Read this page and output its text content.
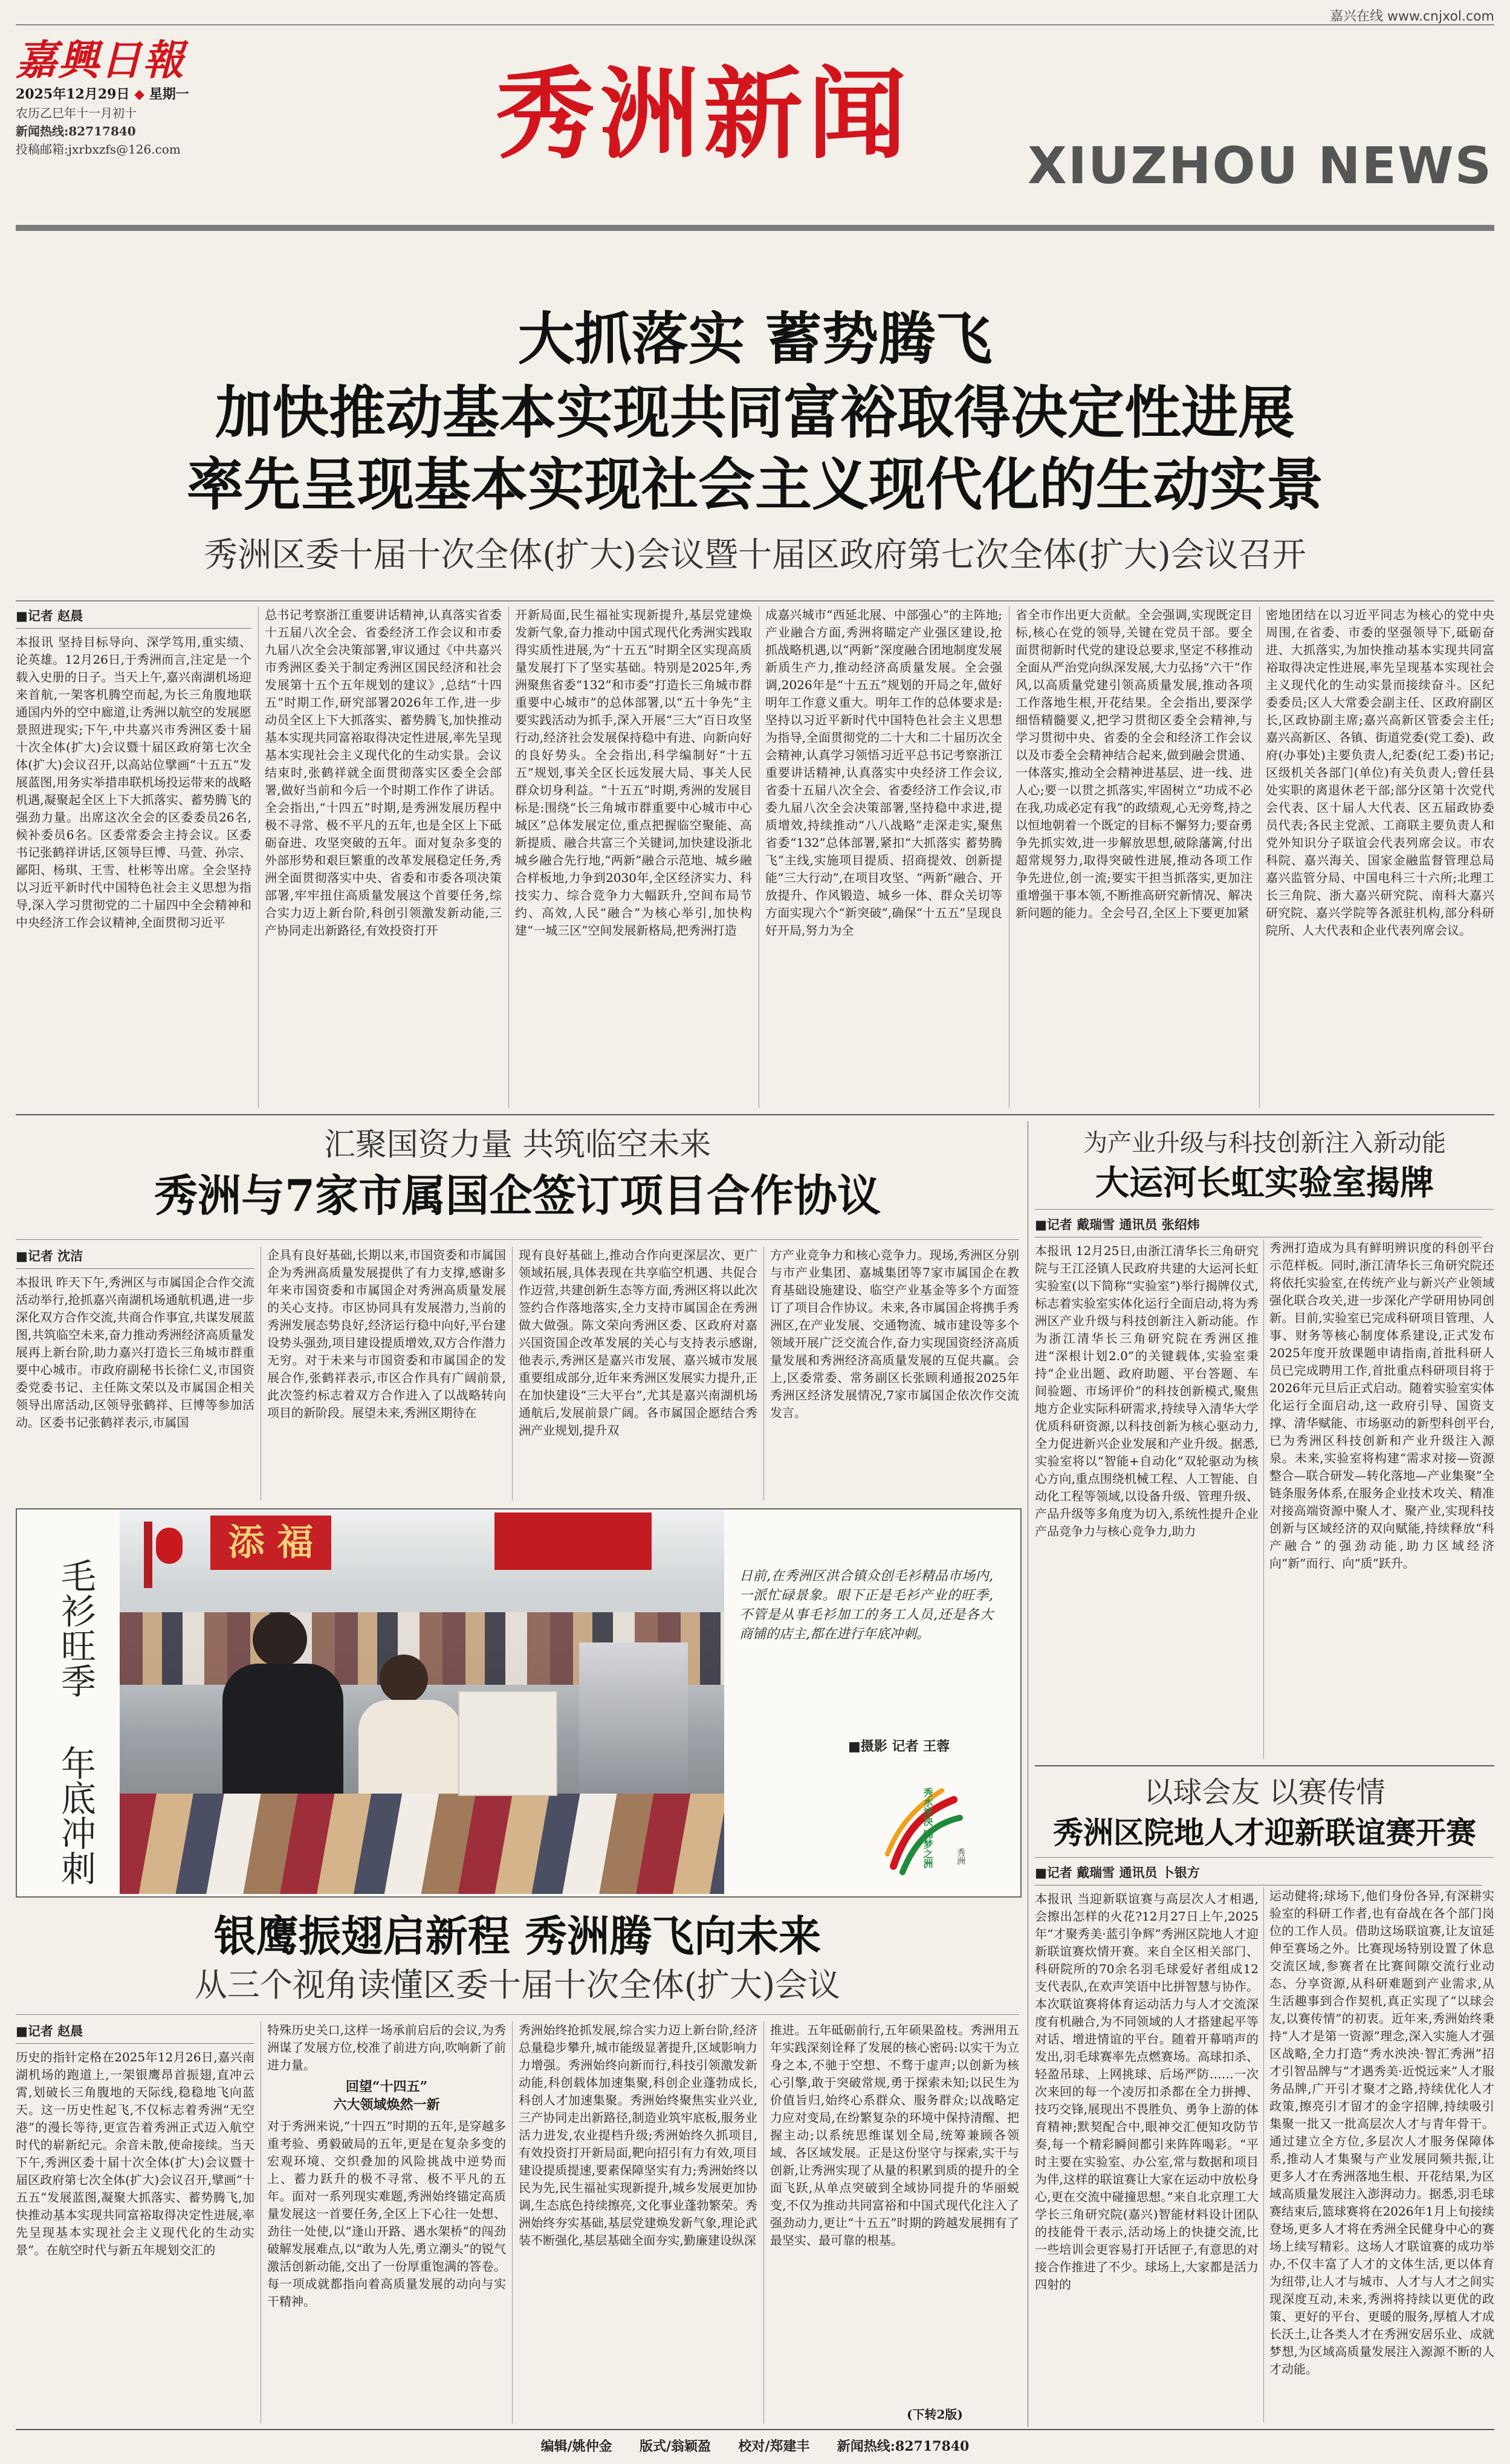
嘉兴在线 www.cnjxol.com
嘉興日報
2025年12月29日 ◆ 星期一
农历乙巳年十一月初十
新闻热线:82717840
投稿邮箱:jxrbxzfs@126.com	秀洲新闻 XIUZHOU NEWS
大抓落实 蓄势腾飞
加快推动基本实现共同富裕取得决定性进展
率先呈现基本实现社会主义现代化的生动实景
秀洲区委十届十次全体(扩大)会议暨十届区政府第七次全体(扩大)会议召开
■记者 赵晨
本报讯 坚持目标导向、深学笃用,重实绩、论英雄。12月26日,于秀洲而言,注定是一个载入史册的日子。当天上午,嘉兴南湖机场迎来首航,一架客机腾空而起,为长三角腹地联通国内外的空中廊道,让秀洲以航空的发展愿景照进现实;下午,中共嘉兴市秀洲区委十届十次全体(扩大)会议暨十届区政府第七次全体(扩大)会议召开,以高站位擘画“十五五”发展蓝图,用务实举措串联机场投运带来的战略机遇,凝聚起全区上下大抓落实、蓄势腾飞的强劲力量。出席这次全会的区委委员26名,候补委员6名。区委常委会主持会议。区委书记张鹤祥讲话,区领导巨博、马萱、孙宗、鄙阳、杨琪、王雪、杜彬等出席。全会坚持以习近平新时代中国特色社会主义思想为指导,深入学习贯彻党的二十届四中全会精神和中央经济工作会议精神,全面贯彻习近平
总书记考察浙江重要讲话精神,认真落实省委十五届八次全会、省委经济工作会议和市委九届八次全会决策部署,审议通过《中共嘉兴市秀洲区委关于制定秀洲区国民经济和社会发展第十五个五年规划的建议》,总结“十四五”时期工作,研究部署2026年工作,进一步动员全区上下大抓落实、蓄势腾飞,加快推动基本实现共同富裕取得决定性进展,率先呈现基本实现社会主义现代化的生动实景。会议结束时,张鹤祥就全面贯彻落实区委全会部署,做好当前和今后一个时期工作作了讲话。全会指出,“十四五”时期,是秀洲发展历程中极不寻常、极不平凡的五年,也是全区上下砥砺奋进、攻坚突破的五年。面对复杂多变的外部形势和艰巨繁重的改革发展稳定任务,秀洲全面贯彻落实中央、省委和市委各项决策部署,牢牢扭住高质量发展这个首要任务,综合实力迈上新台阶,科创引领激发新动能,三产协同走出新路径,有效投资打开
开新局面,民生福祉实现新提升,基层党建焕发新气象,奋力推动中国式现代化秀洲实践取得实质性进展,为“十五五”时期全区实现高质量发展打下了坚实基础。特别是2025年,秀洲聚焦省委“132”和市委“打造长三角城市群重要中心城市”的总体部署,以“五十争先”主要实践活动为抓手,深入开展“三大”百日攻坚行动,经济社会发展保持稳中有进、向新向好的良好势头。全会指出,科学编制好“十五五”规划,事关全区长远发展大局、事关人民群众切身利益。“十五五”时期,秀洲的发展目标是:围绕“长三角城市群重要中心城市中心城区”总体发展定位,重点把握临空聚能、高新提质、融合共富三个关键词,加快建设浙北城乡融合先行地,“两新”融合示范地、城乡融合样板地,力争到2030年,全区经济实力、科技实力、综合竞争力大幅跃升,空间布局节约、高效,人民“融合”为核心举引,加快构建“一城三区”空间发展新格局,把秀洲打造
成嘉兴城市“西延北展、中部强心”的主阵地;产业融合方面,秀洲将瞄定产业强区建设,抢抓战略机遇,以“两新”深度融合团地制度发展新质生产力,推动经济高质量发展。全会强调,2026年是“十五五”规划的开局之年,做好明年工作意义重大。明年工作的总体要求是:坚持以习近平新时代中国特色社会主义思想为指导,全面贯彻党的二十大和二十届历次全会精神,认真学习领悟习近平总书记考察浙江重要讲话精神,认真落实中央经济工作会议,省委十五届八次全会、省委经济工作会议,市委九届八次全会决策部署,坚持稳中求进,提质增效,持续推动“八八战略”走深走实,聚焦省委“132”总体部署,紧扣“大抓落实 蓄势腾飞”主线,实施项目提质、招商提效、创新提能“三大行动”,在项目攻坚、“两新”融合、开放提升、作风锻造、城乡一体、群众关切等方面实现六个“新突破”,确保“十五五”呈现良好开局,努力为全
省全市作出更大贡献。全会强调,实现既定目标,核心在党的领导,关键在党员干部。要全面贯彻新时代党的建设总要求,坚定不移推动全面从严治党向纵深发展,大力弘扬“六干”作风,以高质量党建引领高质量发展,推动各项工作落地生根,开花结果。全会指出,要深学细悟精髓要义,把学习贯彻区委全会精神,与学习贯彻中央、省委的全会和经济工作会议以及市委全会精神结合起来,做到融会贯通、一体落实,推动全会精神进基层、进一线、进人心;要一以贯之抓落实,牢固树立“功成不必在我,功成必定有我”的政绩观,心无旁骛,持之以恒地朝着一个既定的目标不懈努力;要奋勇争先抓实效,进一步解放思想,破除藩篱,付出超常规努力,取得突破性进展,推动各项工作争先进位,创一流;要实干担当抓落实,更加注重增强干事本领,不断推高研究新情况、解决新问题的能力。全会号召,全区上下要更加紧
密地团结在以习近平同志为核心的党中央周围,在省委、市委的坚强领导下,砥砺奋进、大抓落实,为加快推动基本实现共同富裕取得决定性进展,率先呈现基本实现社会主义现代化的生动实景而接续奋斗。区纪委委员;区人大常委会副主任、区政府副区长,区政协副主席;嘉兴高新区管委会主任;嘉兴高新区、各镇、街道党委(党工委)、政府(办事处)主要负责人,纪委(纪工委)书记;区级机关各部门(单位)有关负责人;曾任县处实职的离退休老干部;部分区第十次党代会代表、区十届人大代表、区五届政协委员代表;各民主党派、工商联主要负责人和党外知识分子联谊会代表列席会议。市农科院、嘉兴海关、国家金融监督管理总局嘉兴监管分局、中国电科三十六所;北理工长三角院、浙大嘉兴研究院、南科大嘉兴研究院、嘉兴学院等各派驻机构,部分科研院所、人大代表和企业代表列席会议。
汇聚国资力量 共筑临空未来
秀洲与7家市属国企签订项目合作协议
■记者 沈洁
本报讯 昨天下午,秀洲区与市属国企合作交流活动举行,抢抓嘉兴南湖机场通航机遇,进一步深化双方合作交流,共商合作事宜,共谋发展蓝图,共筑临空未来,奋力推动秀洲经济高质量发展再上新台阶,助力嘉兴打造长三角城市群重要中心城市。市政府副秘书长徐仁义,市国资委党委书记、主任陈文荣以及市属国企相关领导出席活动,区领导张鹤祥、巨博等参加活动。区委书记张鹤祥表示,市属国
企具有良好基础,长期以来,市国资委和市属国企为秀洲高质量发展提供了有力支撑,感谢多年来市国资委和市属国企对秀洲高质量发展的关心支持。市区协同具有发展潜力,当前的秀洲发展态势良好,经济运行稳中向好,平台建设势头强劲,项目建设提质增效,双方合作潜力无穷。对于未来与市国资委和市属国企的发展合作,张鹤祥表示,市区合作具有广阔前景,此次签约标志着双方合作进入了以战略转向项目的新阶段。展望未来,秀洲区期待在
现有良好基础上,推动合作向更深层次、更广领域拓展,具体表现在共享临空机遇、共促合作迈营,共建创新生态等方面,秀洲区将以此次签约合作落地落实,全力支持市属国企在秀洲做大做强。陈文荣向秀洲区委、区政府对嘉兴国资国企改革发展的关心与支持表示感谢,他表示,秀洲区是嘉兴市发展、嘉兴城市发展重要组成部分,近年来秀洲区发展实力提升,正在加快建设“三大平台”,尤其是嘉兴南湖机场通航后,发展前景广阔。各市属国企愿结合秀洲产业规划,提升双
方产业竞争力和核心竞争力。现场,秀洲区分别与市产业集团、嘉城集团等7家市属国企在教育基础设施建设、临空产业基金等多个方面签订了项目合作协议。未来,各市属国企将携手秀洲区,在产业发展、交通物流、城市建设等多个领域开展广泛交流合作,奋力实现国资经济高质量发展和秀洲经济高质量发展的互促共赢。会上,区委常委、常务副区长张顾利通报2025年秀洲区经济发展情况,7家市属国企依次作交流发言。
毛衫旺季
年底冲刺
添 福
日前,在秀洲区洪合镇众创毛衫精品市场内,一派忙碌景象。眼下正是毛衫产业的旺季,不管是从事毛衫加工的务工人员,还是各大商铺的店主,都在进行年底冲刺。
■摄影 记者 王蓉
秀水泱泱 锦梦之洲	秀洲
银鹰振翅启新程 秀洲腾飞向未来
从三个视角读懂区委十届十次全体(扩大)会议
■记者 赵晨
历史的指针定格在2025年12月26日,嘉兴南湖机场的跑道上,一架银鹰昂首振翅,直冲云霄,划破长三角腹地的天际线,稳稳地飞向蓝天。这一历史性起飞,不仅标志着秀洲“无空港”的漫长等待,更宣告着秀洲正式迈入航空时代的崭新纪元。余音未散,使命接续。当天下午,秀洲区委十届十次全体(扩大)会议暨十届区政府第七次全体(扩大)会议召开,擘画“十五五”发展蓝图,凝聚大抓落实、蓄势腾飞,加快推动基本实现共同富裕取得决定性进展,率先呈现基本实现社会主义现代化的生动实景”。在航空时代与新五年规划交汇的
特殊历史关口,这样一场承前启后的会议,为秀洲谋了发展方位,校准了前进方向,吹响新了前进力量。
回望“十四五”
六大领域焕然一新
对于秀洲来说,“十四五”时期的五年,是穿越多重考验、勇毅破局的五年,更是在复杂多变的宏观环境、交织叠加的风险挑战中逆势而上、蓄力跃升的极不寻常、极不平凡的五年。面对一系列现实难题,秀洲始终锚定高质量发展这一首要任务,全区上下心往一处想、劲往一处使,以“逢山开路、遇水架桥”的闯劲破解发展难点,以“敢为人先,勇立潮头”的锐气激活创新动能,交出了一份厚重饱满的答卷。每一项成就都指向着高质量发展的动向与实干精神。
秀洲始终抢抓发展,综合实力迈上新台阶,经济总量稳步攀升,城市能级显著提升,区域影响力力增强。秀洲始终向新而行,科技引领激发新动能,科创载体加速集聚,科创企业蓬勃成长,科创人才加速集聚。秀洲始终聚焦实业兴业,三产协同走出新路径,制造业筑牢底板,服务业活力进发,农业提档升级;秀洲始终久抓项目,有效投资打开新局面,靶向招引有力有效,项目建设提质提速,要素保障坚实有力;秀洲始终以民为先,民生福祉实现新提升,城乡发展更加协调,生态底色持续擦亮,文化事业蓬勃繁荣。秀洲始终夯实基础,基层党建焕发新气象,理论武装不断强化,基层基础全面夯实,勤廉建设纵深
推进。五年砥砺前行,五年硕果盈枝。秀洲用五年实践深刻诠释了发展的核心密码:以实干为立身之本,不驰于空想、不骛于虚声;以创新为核心引擎,敢于突破常规,勇于探索未知;以民生为价值旨归,始终心系群众、服务群众;以战略定力应对变局,在纷繁复杂的环境中保持清醒、把握主动;以系统思维谋划全局,统筹兼顾各领域、各区域发展。正是这份坚守与探索,实干与创新,让秀洲实现了从量的积累到质的提升的全面飞跃,从单点突破到全域协同提升的华丽蜕变,不仅为推动共同富裕和中国式现代化注入了强劲动力,更让“十五五”时期的跨越发展拥有了最坚实、最可靠的根基。
(下转2版)
为产业升级与科技创新注入新动能
大运河长虹实验室揭牌
■记者 戴瑞雪 通讯员 张绍炜
本报讯 12月25日,由浙江清华长三角研究院与王江泾镇人民政府共建的大运河长虹实验室(以下简称“实验室”)举行揭牌仪式,标志着实验室实体化运行全面启动,将为秀洲区产业升级与科技创新注入新动能。作为浙江清华长三角研究院在秀洲区推进“深根计划2.0”的关键载体,实验室秉持“企业出题、政府助题、平台答题、车间验题、市场评价”的科技创新模式,聚焦地方企业实际科研需求,持续导入清华大学优质科研资源,以科技创新为核心驱动力,全力促进新兴企业发展和产业升级。据悉,实验室将以“智能+自动化”双轮驱动为核心方向,重点围绕机械工程、人工智能、自动化工程等领域,以设备升级、管理升级、产品升级等多角度为切入,系统性提升企业产品竞争力与核心竞争力,助力
秀洲打造成为具有鲜明辨识度的科创平台示范样板。同时,浙江清华长三角研究院还将依托实验室,在传统产业与新兴产业领域强化联合攻关,进一步深化产学研用协同创新。目前,实验室已完成科研项目管理、人事、财务等核心制度体系建设,正式发布2025年度开放课题申请指南,首批科研人员已完成聘用工作,首批重点科研项目将于2026年元旦后正式启动。随着实验室实体化运行全面启动,这一政府引导、国资支撑、清华赋能、市场驱动的新型科创平台,已为秀洲区科技创新和产业升级注入源泉。未来,实验室将构建“需求对接—资源整合—联合研发—转化落地—产业集聚”全链条服务体系,在服务企业技术攻关、精准对接高端资源中聚人才、聚产业,实现科技创新与区域经济的双向赋能,持续释放“科产融合”的强劲动能,助力区域经济向“新”而行、向“质”跃升。
以球会友 以赛传情
秀洲区院地人才迎新联谊赛开赛
■记者 戴瑞雪 通讯员 卜银方
本报讯 当迎新联谊赛与高层次人才相遇,会擦出怎样的火花?12月27日上午,2025年“才聚秀美·蓝引争辉”秀洲区院地人才迎新联谊赛炊情开赛。来自全区相关部门、科研院所的70余名羽毛球爱好者组成12支代表队,在欢声笑语中比拼智慧与协作。本次联谊赛将体育运动活力与人才交流深度有机融合,为不同领域的人才搭建起平等对话、增进情谊的平台。随着开幕哨声的发出,羽毛球赛率先点燃赛场。高球扣杀、轻盈吊球、上网挑球、后场严防……一次次来回的每一个凌厉扣杀都在全力拼搏、技巧交锋,展现出不畏胜负、勇争上游的体育精神;默契配合中,眼神交汇便知攻防节奏,每一个精彩瞬间都引来阵阵喝彩。“平时主要在实验室、办公室,常与数据和项目为伴,这样的联谊赛让大家在运动中放松身心,更在交流中碰撞思想。”来自北京理工大学长三角研究院(嘉兴)智能材料设计团队的技能骨干表示,活动场上的快捷交流,比一些培训会更容易打开话匣子,有意思的对接合作推进了不少。球场上,大家都是活力四射的
运动健将;球场下,他们身份各异,有深耕实验室的科研工作者,也有奋战在各个部门岗位的工作人员。借助这场联谊赛,让友谊延伸至赛场之外。比赛现场特别设置了休息交流区域,参赛者在比赛间隙交流行业动态、分享资源,从科研难题到产业需求,从生活趣事到合作契机,真正实现了“以球会友,以赛传情”的初衷。近年来,秀洲始终秉持“人才是第一资源”理念,深入实施人才强区战略,全力打造“秀水泱泱·智汇秀洲”招才引智品牌与“才遇秀美·近悦远来”人才服务品牌,广开引才聚才之路,持续优化人才政策,擦亮引才留才的金字招牌,持续吸引集聚一批又一批高层次人才与青年骨干。通过建立全方位,多层次人才服务保障体系,推动人才集聚与产业发展同频共振,让更多人才在秀洲落地生根、开花结果,为区域高质量发展注入澎湃动力。据悉,羽毛球赛结束后,篮球赛将在2026年1月上旬接续登场,更多人才将在秀洲全民健身中心的赛场上续写精彩。这场人才联谊赛的成功举办,不仅丰富了人才的文体生活,更以体育为纽带,让人才与城市、人才与人才之间实现深度互动,未来,秀洲将持续以更优的政策、更好的平台、更暖的服务,厚植人才成长沃土,让各类人才在秀洲安居乐业、成就梦想,为区域高质量发展注入源源不断的人才动能。
编辑/姚仲金 版式/翁颖盈 校对/郑建丰 新闻热线:82717840
